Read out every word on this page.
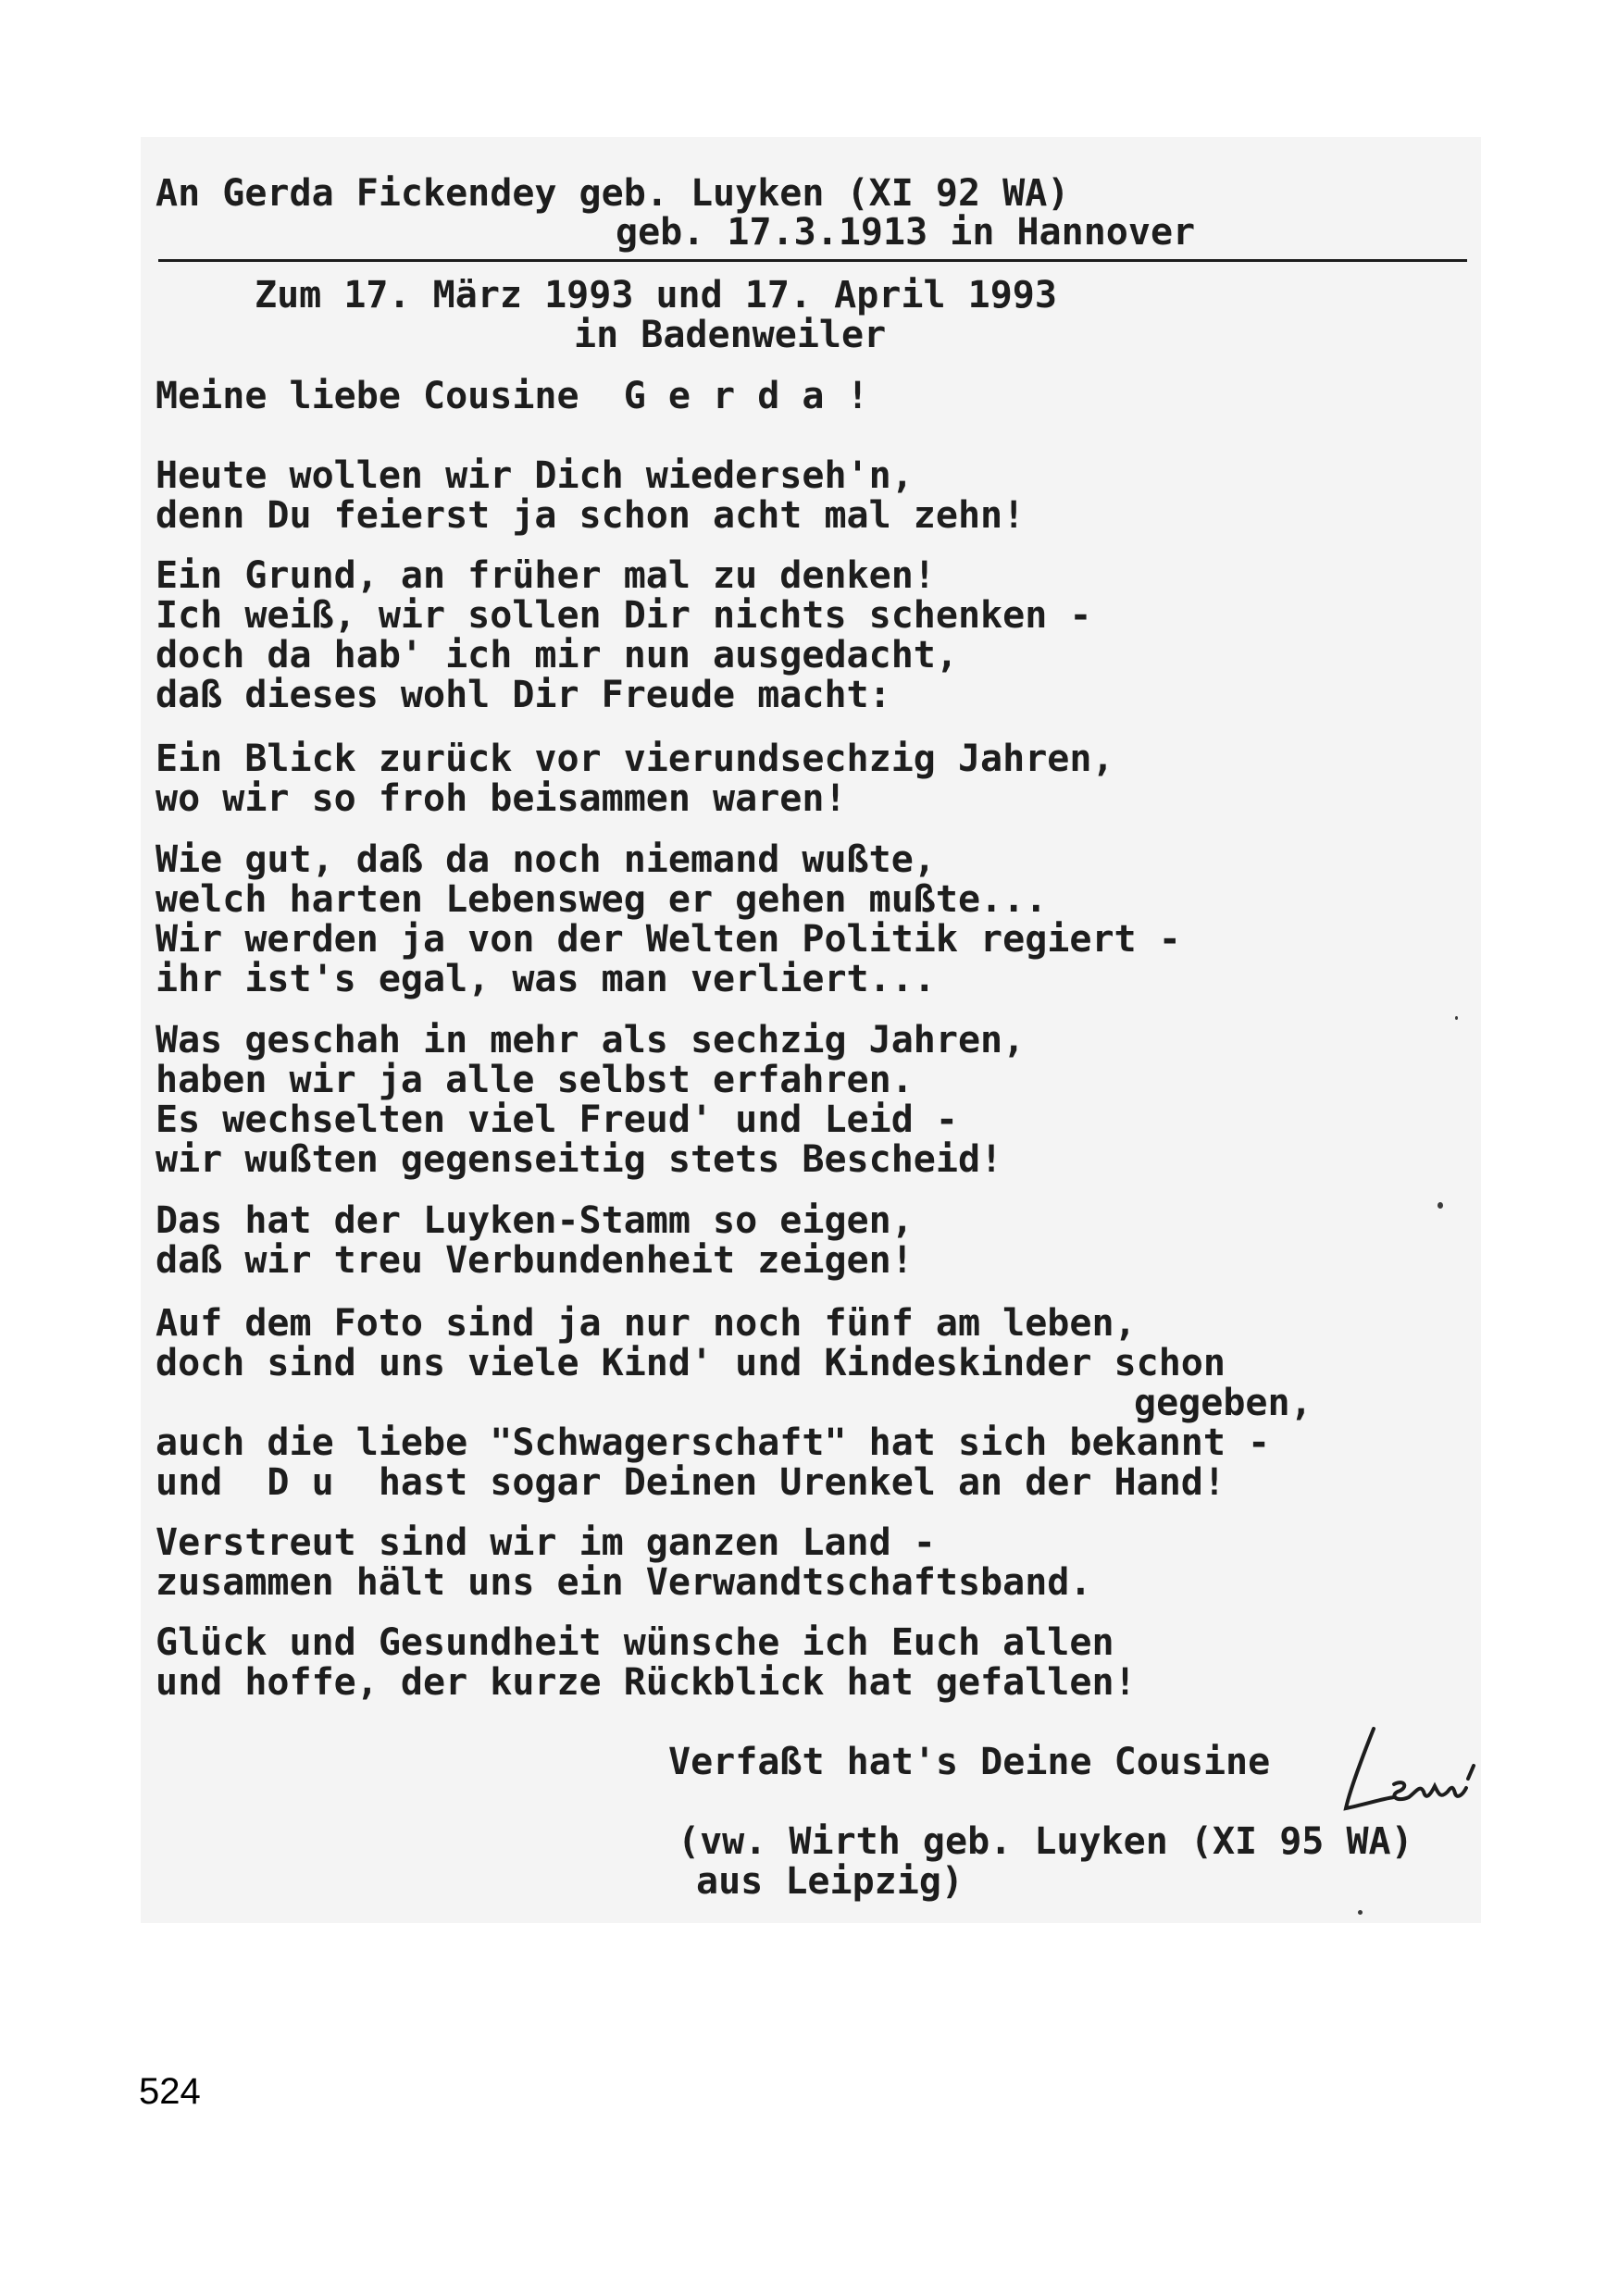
An Gerda Fickendey geb. Luyken (XI 92 WA)
geb. 17.3.1913 in Hannover
Zum 17. März 1993 und 17. April 1993
in Badenweiler
Meine liebe Cousine  G e r d a !
Heute wollen wir Dich wiederseh'n,
denn Du feierst ja schon acht mal zehn!
Ein Grund, an früher mal zu denken!
Ich weiß, wir sollen Dir nichts schenken -
doch da hab' ich mir nun ausgedacht,
daß dieses wohl Dir Freude macht:
Ein Blick zurück vor vierundsechzig Jahren,
wo wir so froh beisammen waren!
Wie gut, daß da noch niemand wußte,
welch harten Lebensweg er gehen mußte...
Wir werden ja von der Welten Politik regiert -
ihr ist's egal, was man verliert...
Was geschah in mehr als sechzig Jahren,
haben wir ja alle selbst erfahren.
Es wechselten viel Freud' und Leid -
wir wußten gegenseitig stets Bescheid!
Das hat der Luyken-Stamm so eigen,
daß wir treu Verbundenheit zeigen!
Auf dem Foto sind ja nur noch fünf am leben,
doch sind uns viele Kind' und Kindeskinder schon
gegeben,
auch die liebe "Schwagerschaft" hat sich bekannt -
und  D u  hast sogar Deinen Urenkel an der Hand!
Verstreut sind wir im ganzen Land -
zusammen hält uns ein Verwandtschaftsband.
Glück und Gesundheit wünsche ich Euch allen
und hoffe, der kurze Rückblick hat gefallen!
Verfaßt hat's Deine Cousine
(vw. Wirth geb. Luyken (XI 95 WA)
aus Leipzig)
524
